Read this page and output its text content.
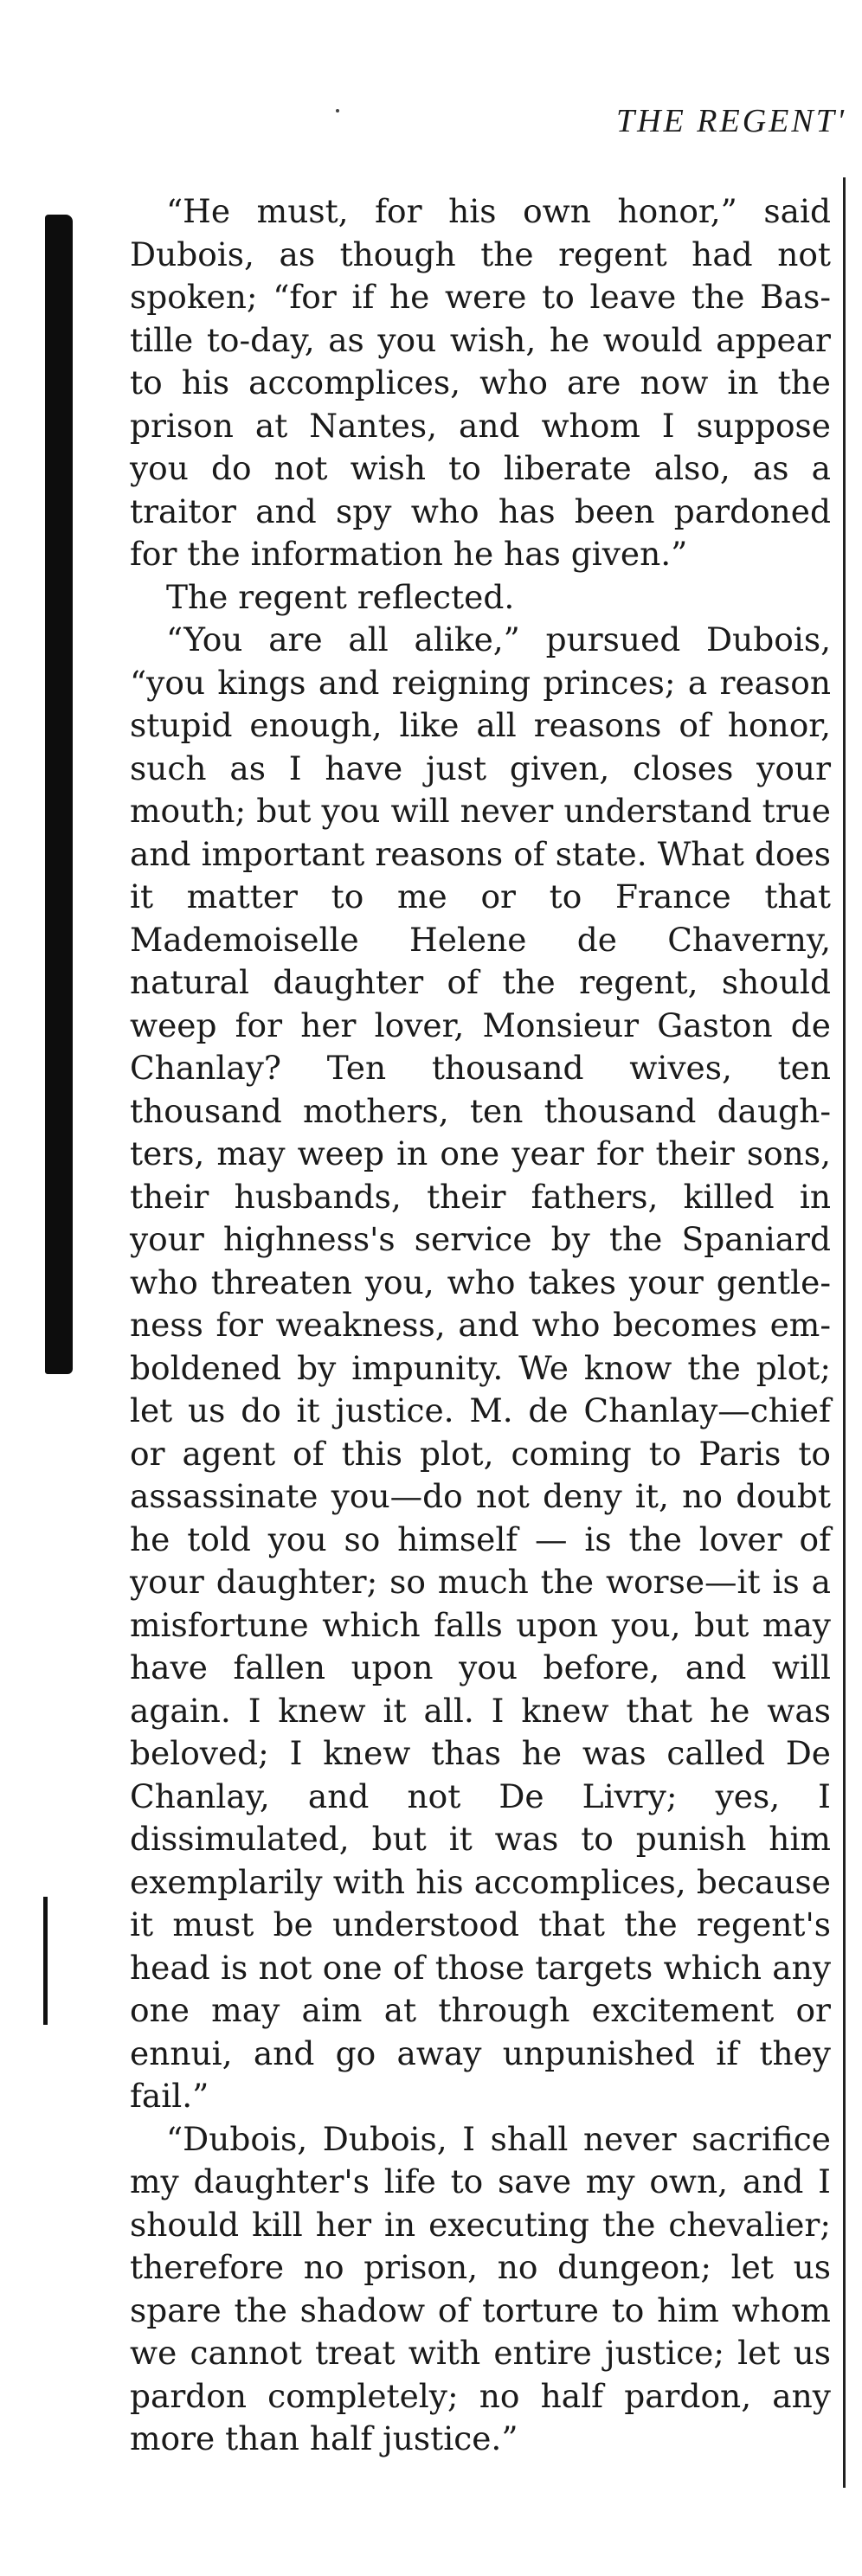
THE REGENT'

“He must, for his own honor,” said Dubois, as though the regent had not spoken; “for if he were to leave the Bastille to-day, as you wish, he would appear to his accomplices, who are now in the prison at Nantes, and whom I suppose you do not wish to liberate also, as a traitor and spy who has been pardoned for the information he has given.”

The regent reflected.

“You are all alike,” pursued Dubois, “you kings and reigning princes; a reason stupid enough, like all reasons of honor, such as I have just given, closes your mouth; but you will never understand true and important reasons of state. What does it matter to me or to France that Mademoiselle Helene de Chaverny, natural daughter of the regent, should weep for her lover, Monsieur Gaston de Chanlay? Ten thousand wives, ten thousand mothers, ten thousand daughters, may weep in one year for their sons, their husbands, their fathers, killed in your highness's service by the Spaniard who threaten you, who takes your gentleness for weakness, and who becomes emboldened by impunity. We know the plot; let us do it justice. M. de Chanlay—chief or agent of this plot, coming to Paris to assassinate you—do not deny it, no doubt he told you so himself — is the lover of your daughter; so much the worse—it is a misfortune which falls upon you, but may have fallen upon you before, and will again. I knew it all. I knew that he was beloved; I knew thas he was called De Chanlay, and not De Livry; yes, I dissimulated, but it was to punish him exemplarily with his accomplices, because it must be understood that the regent's head is not one of those targets which any one may aim at through excitement or ennui, and go away unpunished if they fail.”

“Dubois, Dubois, I shall never sacrifice my daughter's life to save my own, and I should kill her in executing the chevalier; therefore no prison, no dungeon; let us spare the shadow of torture to him whom we cannot treat with entire justice; let us pardon completely; no half pardon, any more than half justice.”
